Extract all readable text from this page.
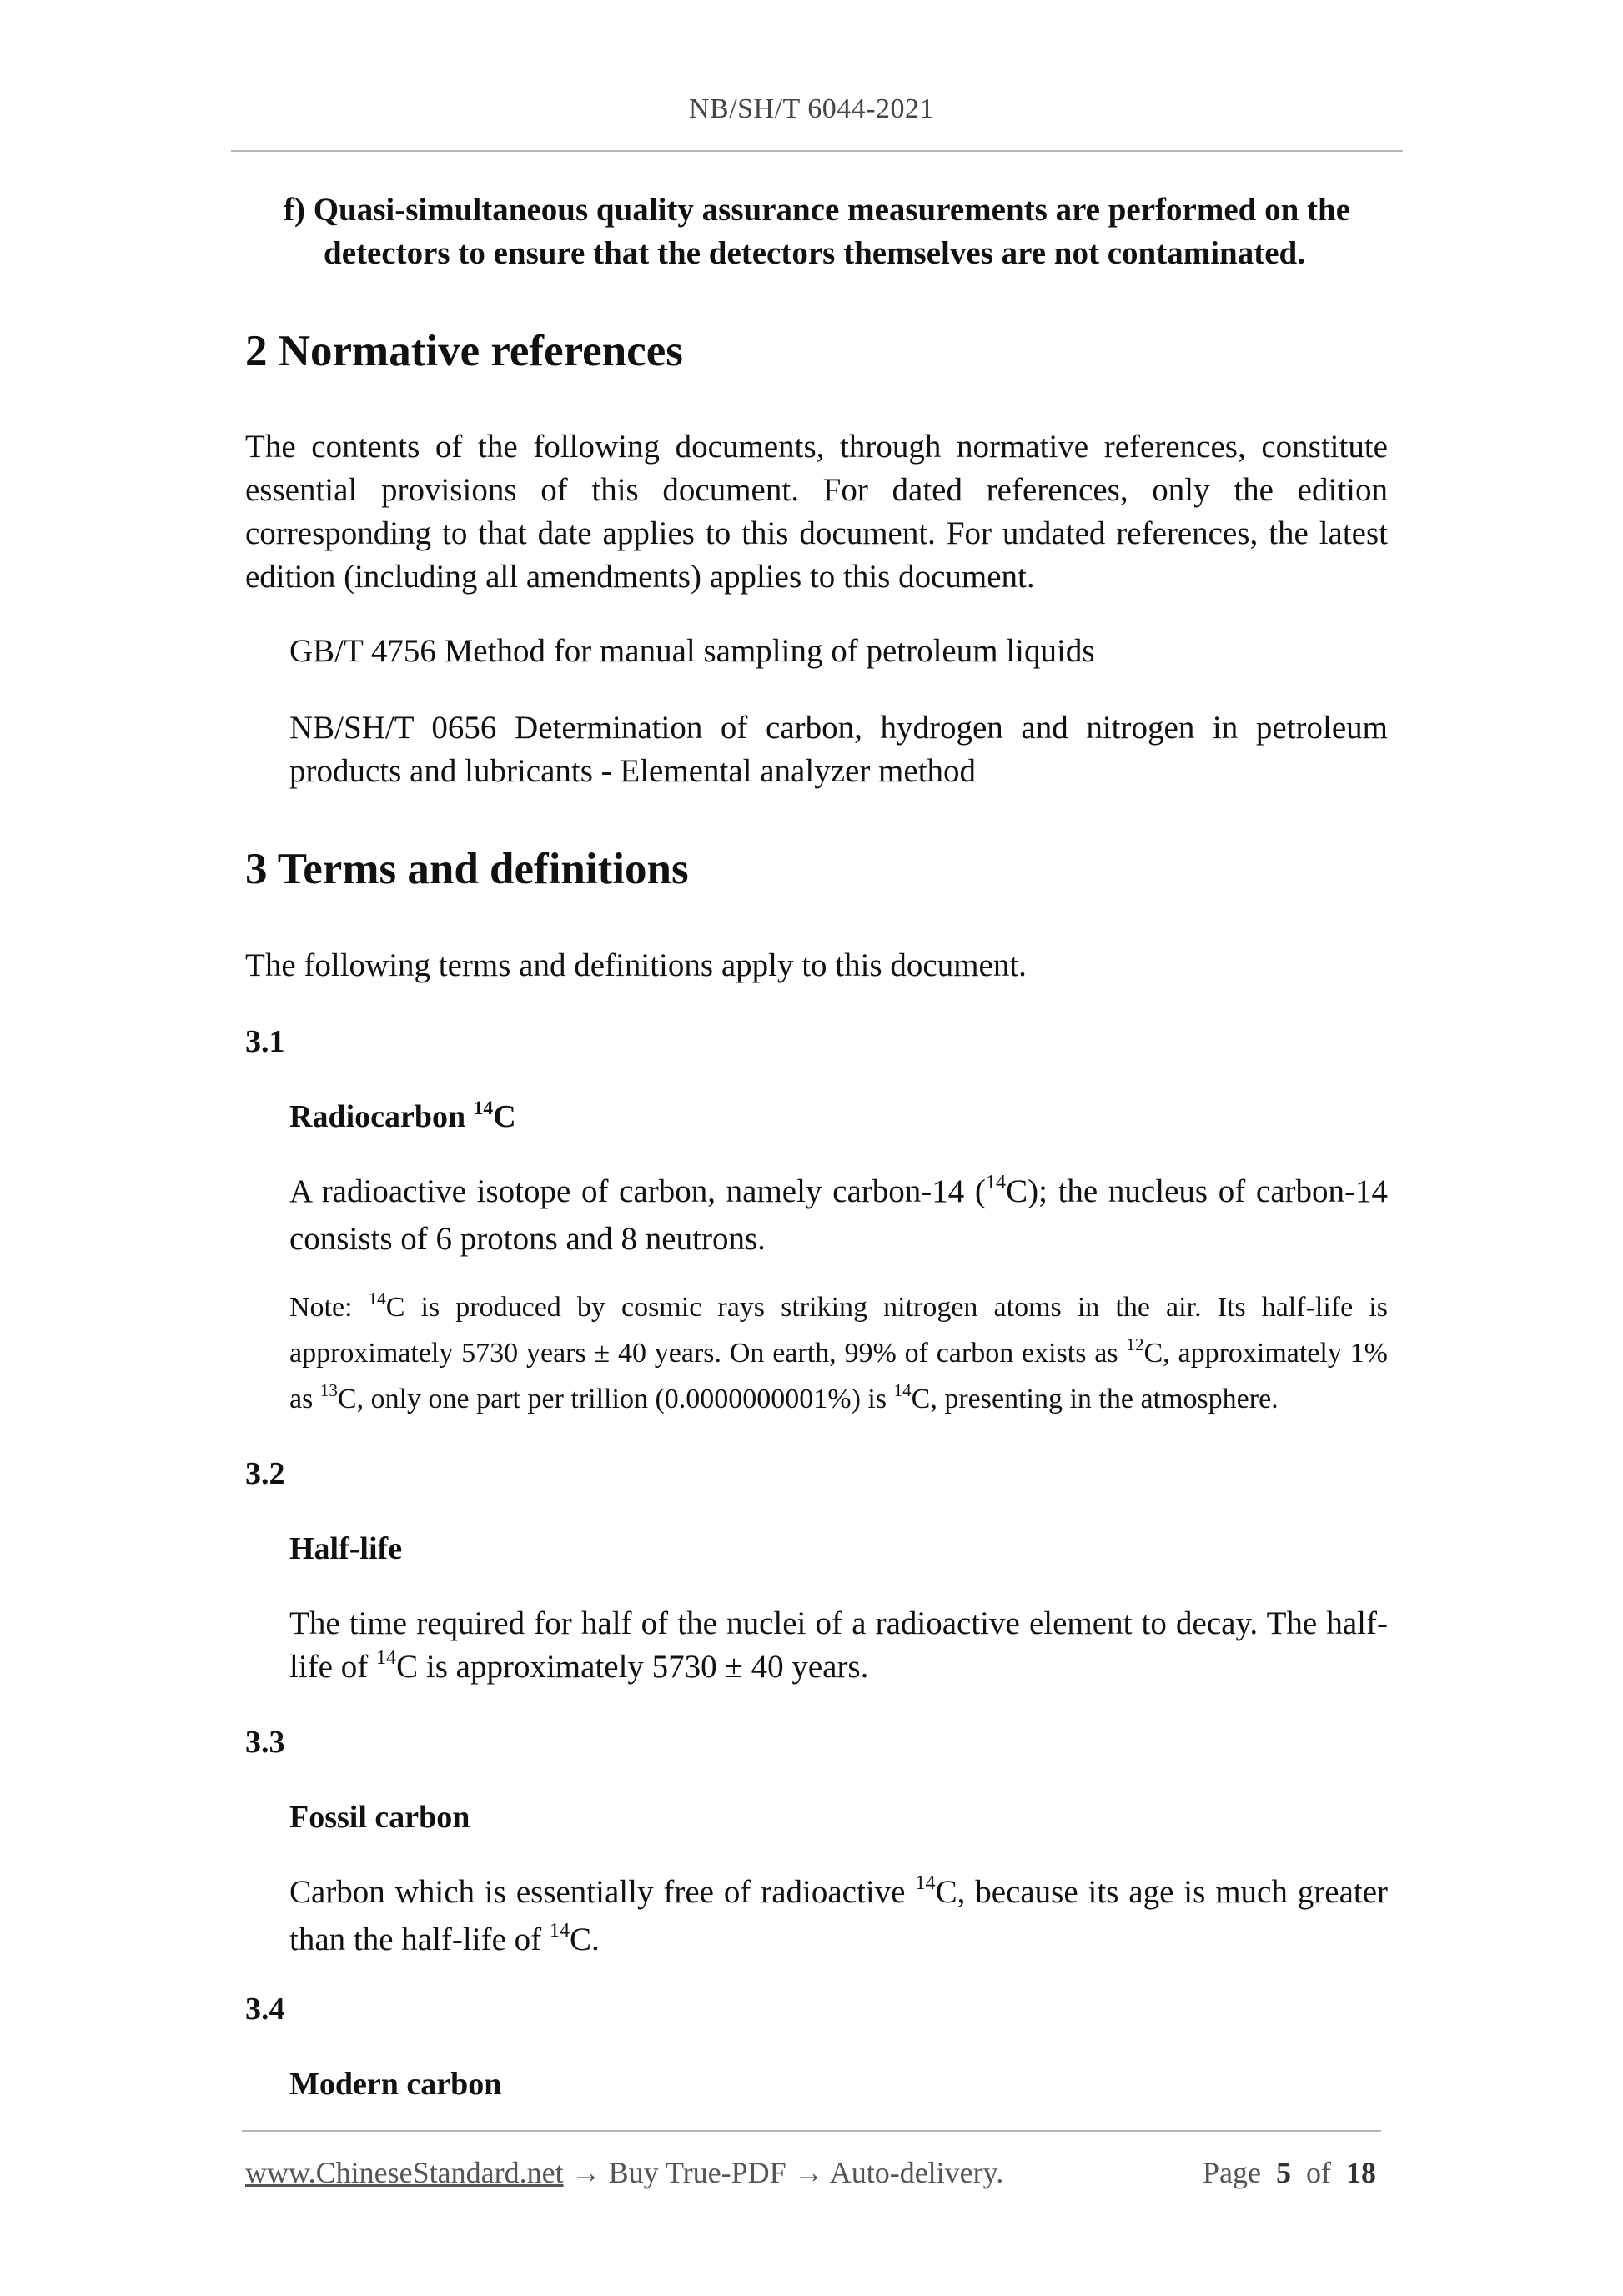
NB/SH/T 6044-2021
f) Quasi-simultaneous quality assurance measurements are performed on the
detectors to ensure that the detectors themselves are not contaminated.
2 Normative references
The contents of the following documents, through normative references, constitute essential provisions of this document. For dated references, only the edition corresponding to that date applies to this document. For undated references, the latest edition (including all amendments) applies to this document.
GB/T 4756 Method for manual sampling of petroleum liquids
NB/SH/T 0656 Determination of carbon, hydrogen and nitrogen in petroleum products and lubricants - Elemental analyzer method
3 Terms and definitions
The following terms and definitions apply to this document.
3.1
Radiocarbon $^{14}$C
A radioactive isotope of carbon, namely carbon-14 ($^{14}$C); the nucleus of carbon-14 consists of 6 protons and 8 neutrons.
Note: $^{14}$C is produced by cosmic rays striking nitrogen atoms in the air. Its half-life is approximately 5730 years ± 40 years. On earth, 99% of carbon exists as $^{12}$C, approximately 1% as $^{13}$C, only one part per trillion (0.0000000001%) is $^{14}$C, presenting in the atmosphere.
3.2
Half-life
The time required for half of the nuclei of a radioactive element to decay. The half-life of $^{14}$C is approximately 5730 ± 40 years.
3.3
Fossil carbon
Carbon which is essentially free of radioactive $^{14}$C, because its age is much greater than the half-life of $^{14}$C.
3.4
Modern carbon
www.ChineseStandard.net → Buy True-PDF → Auto-delivery.	Page 5 of 18
